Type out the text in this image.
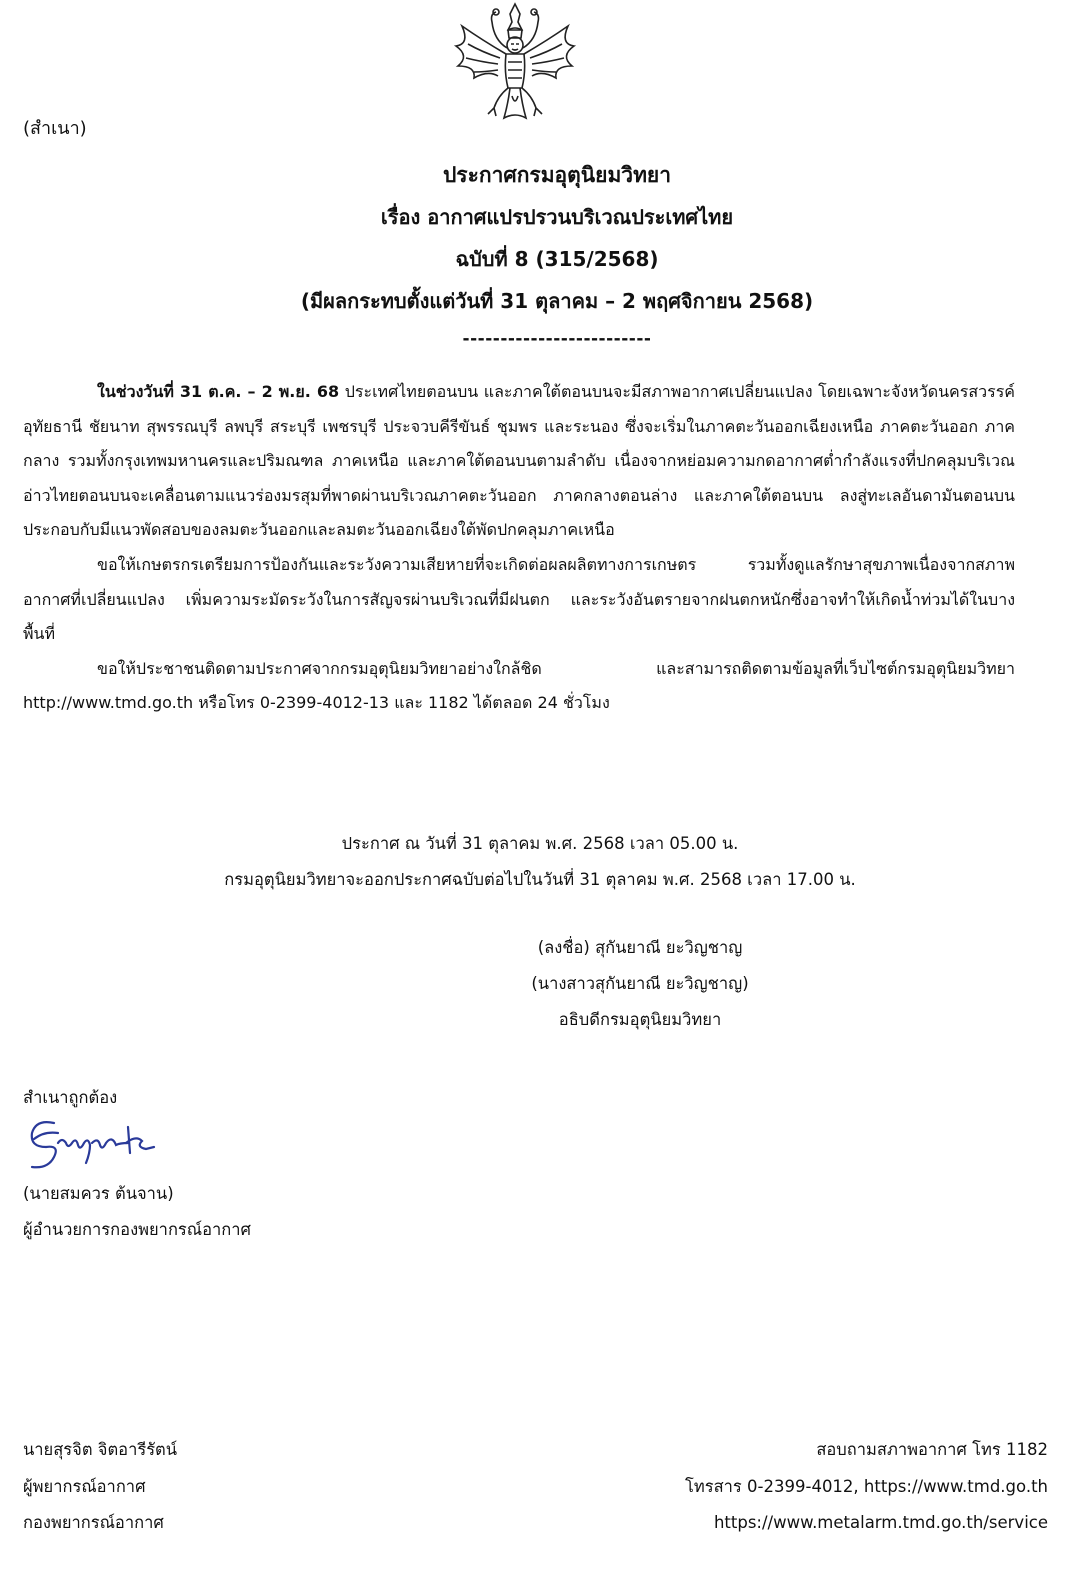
(สำเนา)
ประกาศกรมอุตุนิยมวิทยา
เรื่อง อากาศแปรปรวนบริเวณประเทศไทย
ฉบับที่ 8 (315/2568)
(มีผลกระทบตั้งแต่วันที่ 31 ตุลาคม – 2 พฤศจิกายน 2568)
-------------------------

ในช่วงวันที่ 31 ต.ค. – 2 พ.ย. 68 ประเทศไทยตอนบน และภาคใต้ตอนบนจะมีสภาพอากาศเปลี่ยนแปลง โดยเฉพาะจังหวัดนครสวรรค์ อุทัยธานี ชัยนาท สุพรรณบุรี ลพบุรี สระบุรี เพชรบุรี ประจวบคีรีขันธ์ ชุมพร และระนอง ซึ่งจะเริ่มในภาคตะวันออกเฉียงเหนือ ภาคตะวันออก ภาคกลาง รวมทั้งกรุงเทพมหานครและปริมณฑล ภาคเหนือ และภาคใต้ตอนบนตามลำดับ เนื่องจากหย่อมความกดอากาศต่ำกำลังแรงที่ปกคลุมบริเวณอ่าวไทยตอนบนจะเคลื่อนตามแนวร่องมรสุมที่พาดผ่านบริเวณภาคตะวันออก ภาคกลางตอนล่าง และภาคใต้ตอนบน ลงสู่ทะเลอันดามันตอนบน ประกอบกับมีแนวพัดสอบของลมตะวันออกและลมตะวันออกเฉียงใต้พัดปกคลุมภาคเหนือ

ขอให้เกษตรกรเตรียมการป้องกันและระวังความเสียหายที่จะเกิดต่อผลผลิตทางการเกษตร รวมทั้งดูแลรักษาสุขภาพเนื่องจากสภาพอากาศที่เปลี่ยนแปลง เพิ่มความระมัดระวังในการสัญจรผ่านบริเวณที่มีฝนตก และระวังอันตรายจากฝนตกหนักซึ่งอาจทำให้เกิดน้ำท่วมได้ในบางพื้นที่

ขอให้ประชาชนติดตามประกาศจากกรมอุตุนิยมวิทยาอย่างใกล้ชิด และสามารถติดตามข้อมูลที่เว็บไซต์กรมอุตุนิยมวิทยา http://www.tmd.go.th หรือโทร 0-2399-4012-13 และ 1182 ได้ตลอด 24 ชั่วโมง

ประกาศ ณ วันที่ 31 ตุลาคม พ.ศ. 2568 เวลา 05.00 น.
กรมอุตุนิยมวิทยาจะออกประกาศฉบับต่อไปในวันที่ 31 ตุลาคม พ.ศ. 2568 เวลา 17.00 น.
(ลงชื่อ) สุกันยาณี ยะวิญชาญ
(นางสาวสุกันยาณี ยะวิญชาญ)
อธิบดีกรมอุตุนิยมวิทยา
สำเนาถูกต้อง
(นายสมควร ต้นจาน)
ผู้อำนวยการกองพยากรณ์อากาศ
นายสุรจิต จิตอารีรัตน์
ผู้พยากรณ์อากาศ
กองพยากรณ์อากาศ
สอบถามสภาพอากาศ โทร 1182
โทรสาร 0-2399-4012, https://www.tmd.go.th
https://www.metalarm.tmd.go.th/service
